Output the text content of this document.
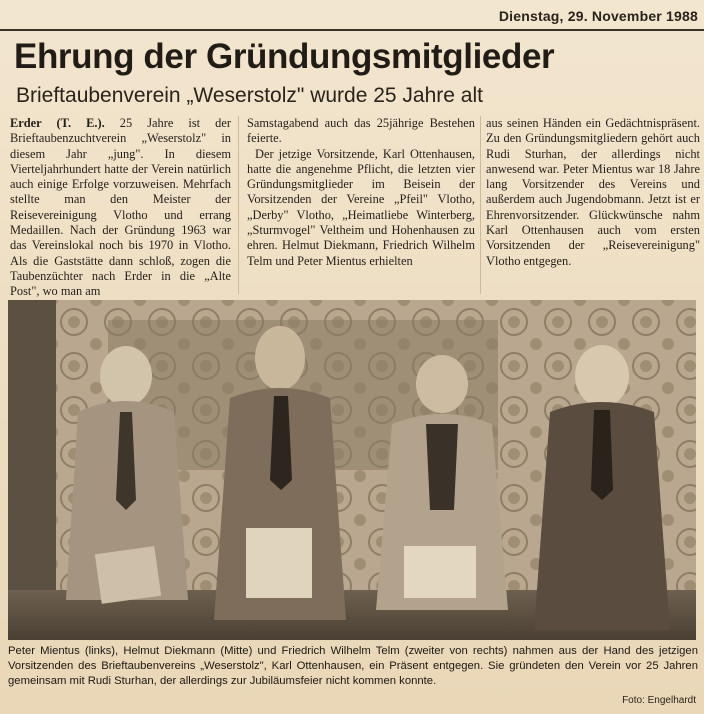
Dienstag, 29. November 1988
Ehrung der Gründungsmitglieder
Brieftaubenverein „Weserstolz" wurde 25 Jahre alt

Erder (T. E.). 25 Jahre ist der Brieftaubenzuchtverein „Weserstolz" in diesem Jahr „jung". In diesem Vierteljahrhundert hatte der Verein natürlich auch einige Erfolge vorzuweisen. Mehrfach stellte man den Meister der Reisevereinigung Vlotho und errang Medaillen. Nach der Gründung 1963 war das Vereinslokal noch bis 1970 in Vlotho. Als die Gaststätte dann schloß, zogen die Taubenzüchter nach Erder in die „Alte Post", wo man am

Samstagabend auch das 25jährige Bestehen feierte.

Der jetzige Vorsitzende, Karl Ottenhausen, hatte die angenehme Pflicht, die letzten vier Gründungsmitglieder im Beisein der Vorsitzenden der Vereine „Pfeil" Vlotho, „Derby" Vlotho, „Heimatliebe Winterberg, „Sturmvogel" Veltheim und Hohenhausen zu ehren. Helmut Diekmann, Friedrich Wilhelm Telm und Peter Mientus erhielten

aus seinen Händen ein Gedächtnispräsent. Zu den Gründungsmitgliedern gehört auch Rudi Sturhan, der allerdings nicht anwesend war. Peter Mientus war 18 Jahre lang Vorsitzender des Vereins und außerdem auch Jugendobmann. Jetzt ist er Ehrenvorsitzender. Glückwünsche nahm Karl Ottenhausen auch vom ersten Vorsitzenden der „Reisevereinigung" Vlotho entgegen.

Peter Mientus (links), Helmut Diekmann (Mitte) und Friedrich Wilhelm Telm (zweiter von rechts) nahmen aus der Hand des jetzigen Vorsitzenden des Brieftaubenvereins „Weserstolz", Karl Ottenhausen, ein Präsent entgegen. Sie gründeten den Verein vor 25 Jahren gemeinsam mit Rudi Sturhan, der allerdings zur Jubiläumsfeier nicht kommen konnte.
Foto: Engelhardt
